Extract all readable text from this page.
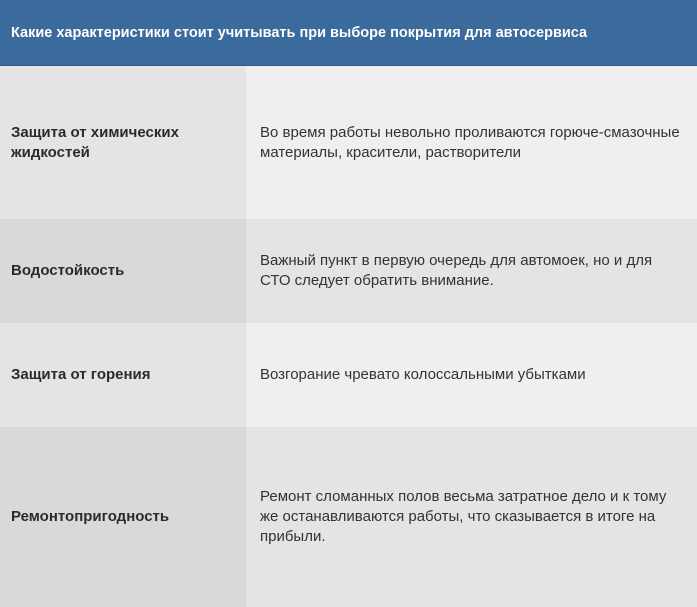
Какие характеристики стоит учитывать при выборе покрытия для автосервиса
Защита от химических жидкостей
Во время работы невольно проливаются горюче-смазочные материалы, красители, растворители
Водостойкость
Важный пункт в первую очередь для автомоек, но и для СТО следует обратить внимание.
Защита от горения	Возгорание чревато колоссальными убытками
Ремонтопригодность
Ремонт сломанных полов весьма затратное дело и к тому же останавливаются работы, что сказывается в итоге на прибыли.
